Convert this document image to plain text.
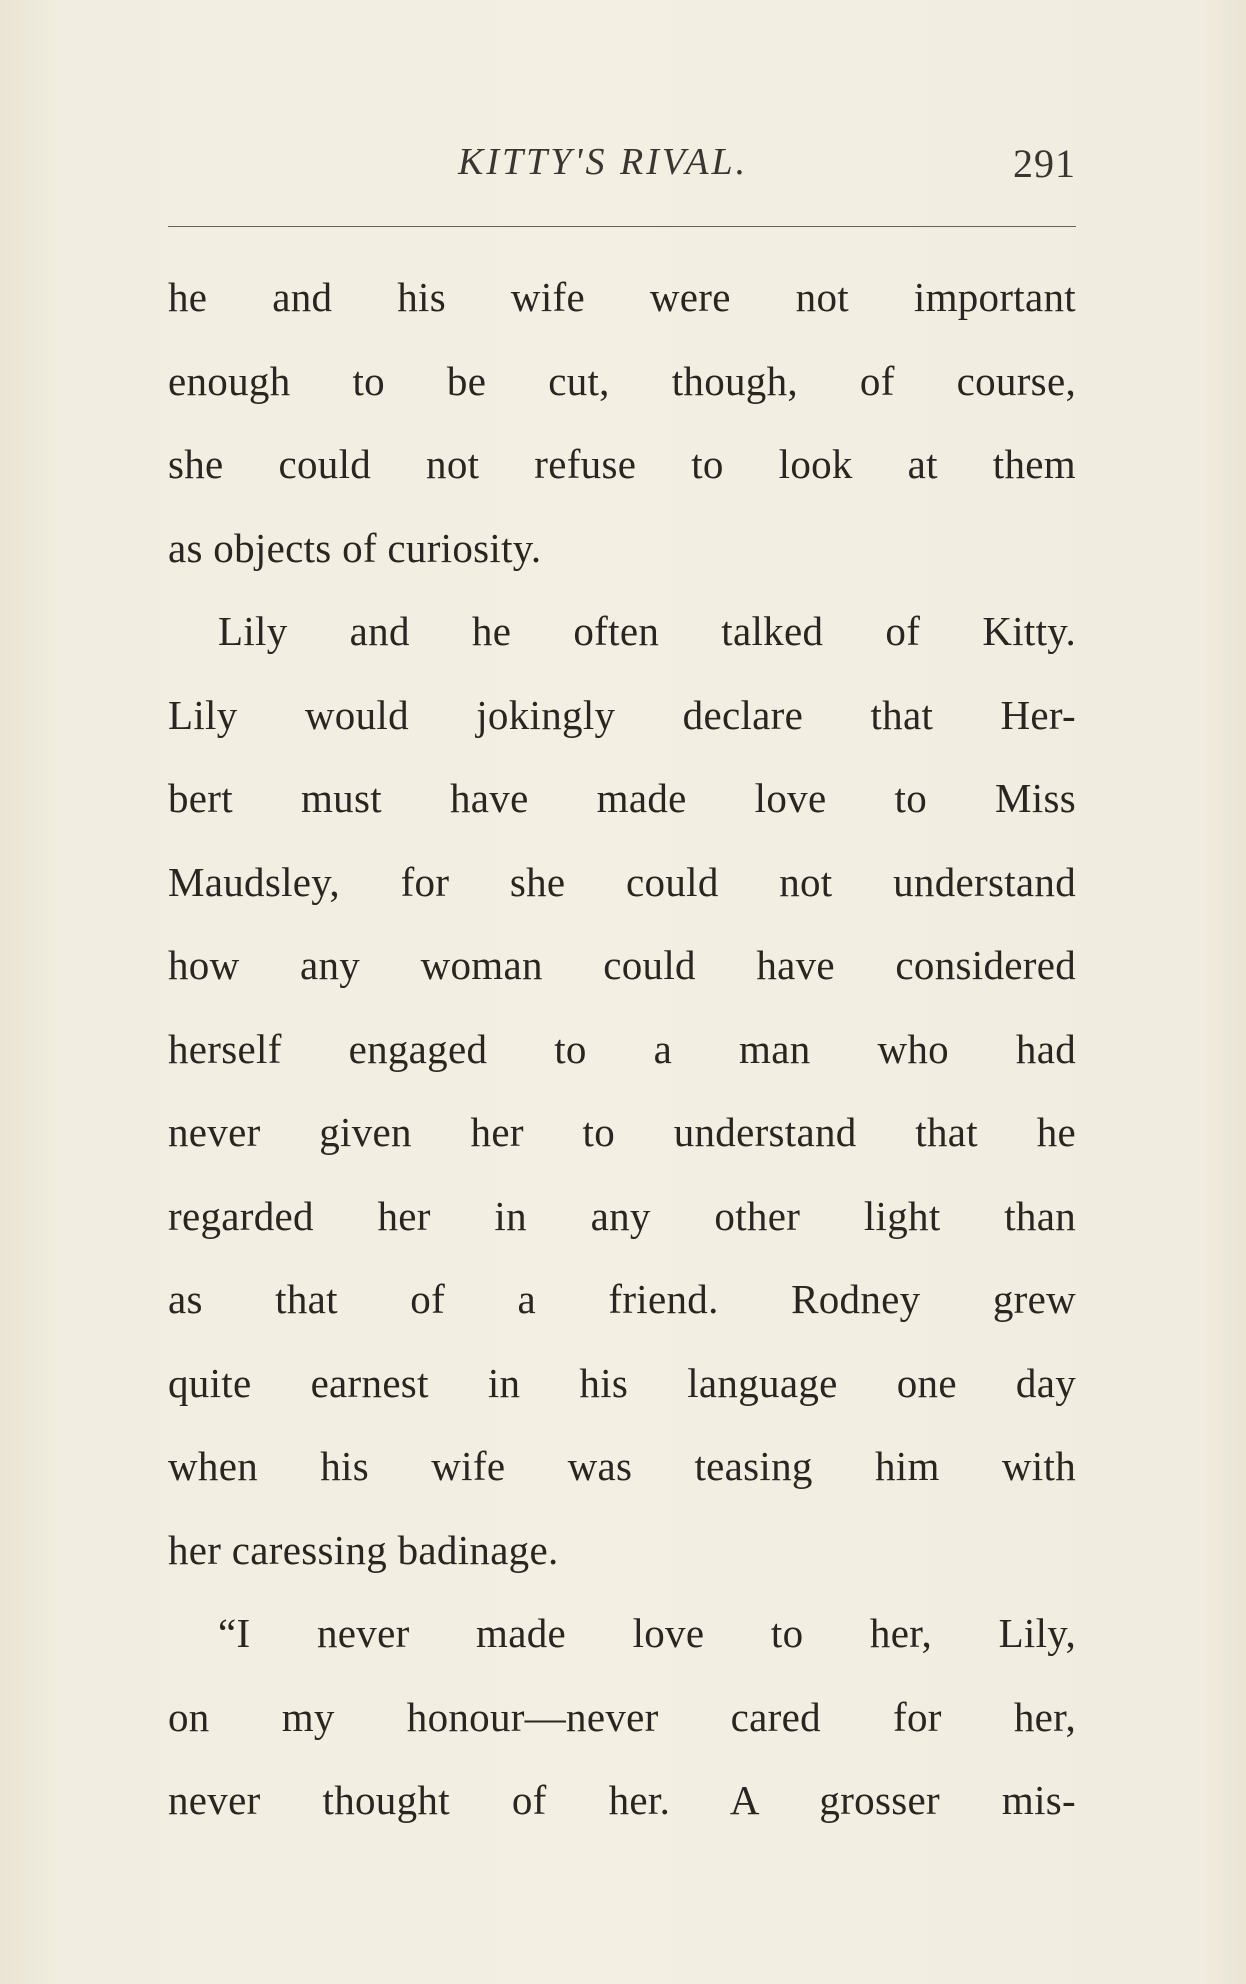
KITTY'S RIVAL.	291
he and his wife were not important
enough to be cut, though, of course,
she could not refuse to look at them
as objects of curiosity.
Lily and he often talked of Kitty.
Lily would jokingly declare that Her-
bert must have made love to Miss
Maudsley, for she could not understand
how any woman could have considered
herself engaged to a man who had
never given her to understand that he
regarded her in any other light than
as that of a friend. Rodney grew
quite earnest in his language one day
when his wife was teasing him with
her caressing badinage.
“I never made love to her, Lily,
on my honour—never cared for her,
never thought of her. A grosser mis-
